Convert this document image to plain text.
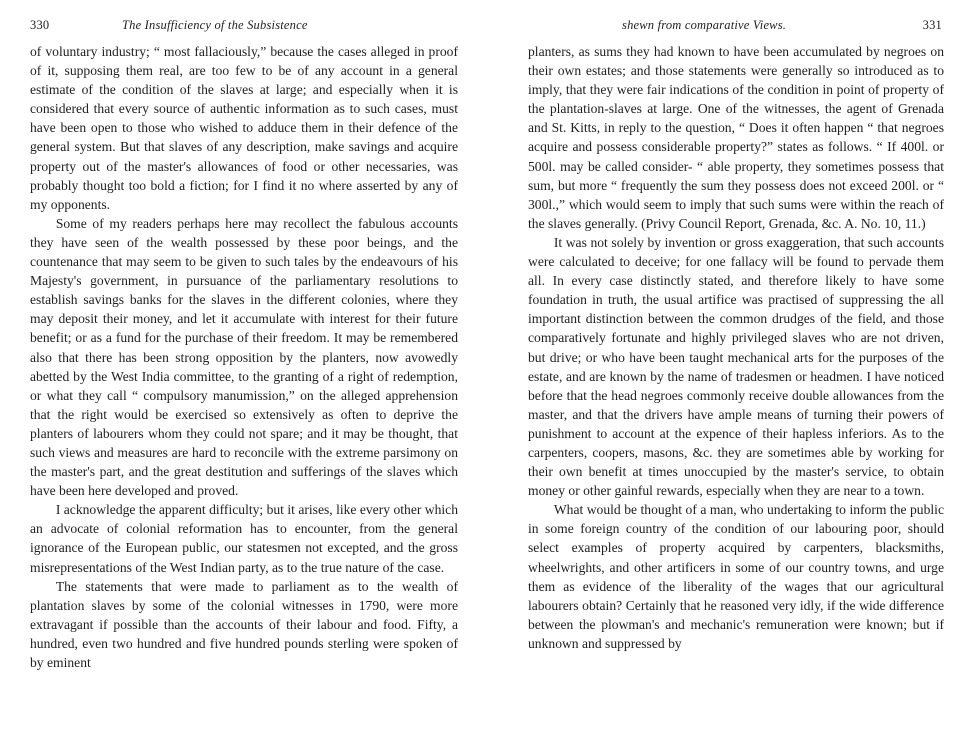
330	The Insufficiency of the Subsistence

of voluntary industry; “ most fallaciously,” because the cases alleged in proof of it, supposing them real, are too few to be of any account in a general estimate of the condition of the slaves at large; and especially when it is considered that every source of authentic information as to such cases, must have been open to those who wished to adduce them in their defence of the general system. But that slaves of any description, make savings and acquire property out of the master's allowances of food or other necessaries, was probably thought too bold a fiction; for I find it no where asserted by any of my opponents.

Some of my readers perhaps here may recollect the fabulous accounts they have seen of the wealth possessed by these poor beings, and the countenance that may seem to be given to such tales by the endeavours of his Majesty's government, in pursuance of the parliamentary resolutions to establish savings banks for the slaves in the different colonies, where they may deposit their money, and let it accumulate with interest for their future benefit; or as a fund for the purchase of their freedom. It may be remembered also that there has been strong opposition by the planters, now avowedly abetted by the West India committee, to the granting of a right of redemption, or what they call “ compulsory manumission,” on the alleged apprehension that the right would be exercised so extensively as often to deprive the planters of labourers whom they could not spare; and it may be thought, that such views and measures are hard to reconcile with the extreme parsimony on the master's part, and the great destitution and sufferings of the slaves which have been here developed and proved.

I acknowledge the apparent difficulty; but it arises, like every other which an advocate of colonial reformation has to encounter, from the general ignorance of the European public, our statesmen not excepted, and the gross misrepresentations of the West Indian party, as to the true nature of the case.

The statements that were made to parliament as to the wealth of plantation slaves by some of the colonial witnesses in 1790, were more extravagant if possible than the accounts of their labour and food. Fifty, a hundred, even two hundred and five hundred pounds sterling were spoken of by eminent

shewn from comparative Views.	331

planters, as sums they had known to have been accumulated by negroes on their own estates; and those statements were generally so introduced as to imply, that they were fair indications of the condition in point of property of the plantation-slaves at large. One of the witnesses, the agent of Grenada and St. Kitts, in reply to the question, “ Does it often happen “ that negroes acquire and possess considerable property?” states as follows. “ If 400l. or 500l. may be called consider- “ able property, they sometimes possess that sum, but more “ frequently the sum they possess does not exceed 200l. or “ 300l.,” which would seem to imply that such sums were within the reach of the slaves generally. (Privy Council Report, Grenada, &c. A. No. 10, 11.)

It was not solely by invention or gross exaggeration, that such accounts were calculated to deceive; for one fallacy will be found to pervade them all. In every case distinctly stated, and therefore likely to have some foundation in truth, the usual artifice was practised of suppressing the all important distinction between the common drudges of the field, and those comparatively fortunate and highly privileged slaves who are not driven, but drive; or who have been taught mechanical arts for the purposes of the estate, and are known by the name of tradesmen or headmen. I have noticed before that the head negroes commonly receive double allowances from the master, and that the drivers have ample means of turning their powers of punishment to account at the expence of their hapless inferiors. As to the carpenters, coopers, masons, &c. they are sometimes able by working for their own benefit at times unoccupied by the master's service, to obtain money or other gainful rewards, especially when they are near to a town.

What would be thought of a man, who undertaking to inform the public in some foreign country of the condition of our labouring poor, should select examples of property acquired by carpenters, blacksmiths, wheelwrights, and other artificers in some of our country towns, and urge them as evidence of the liberality of the wages that our agricultural labourers obtain? Certainly that he reasoned very idly, if the wide difference between the plowman's and mechanic's remuneration were known; but if unknown and suppressed by
